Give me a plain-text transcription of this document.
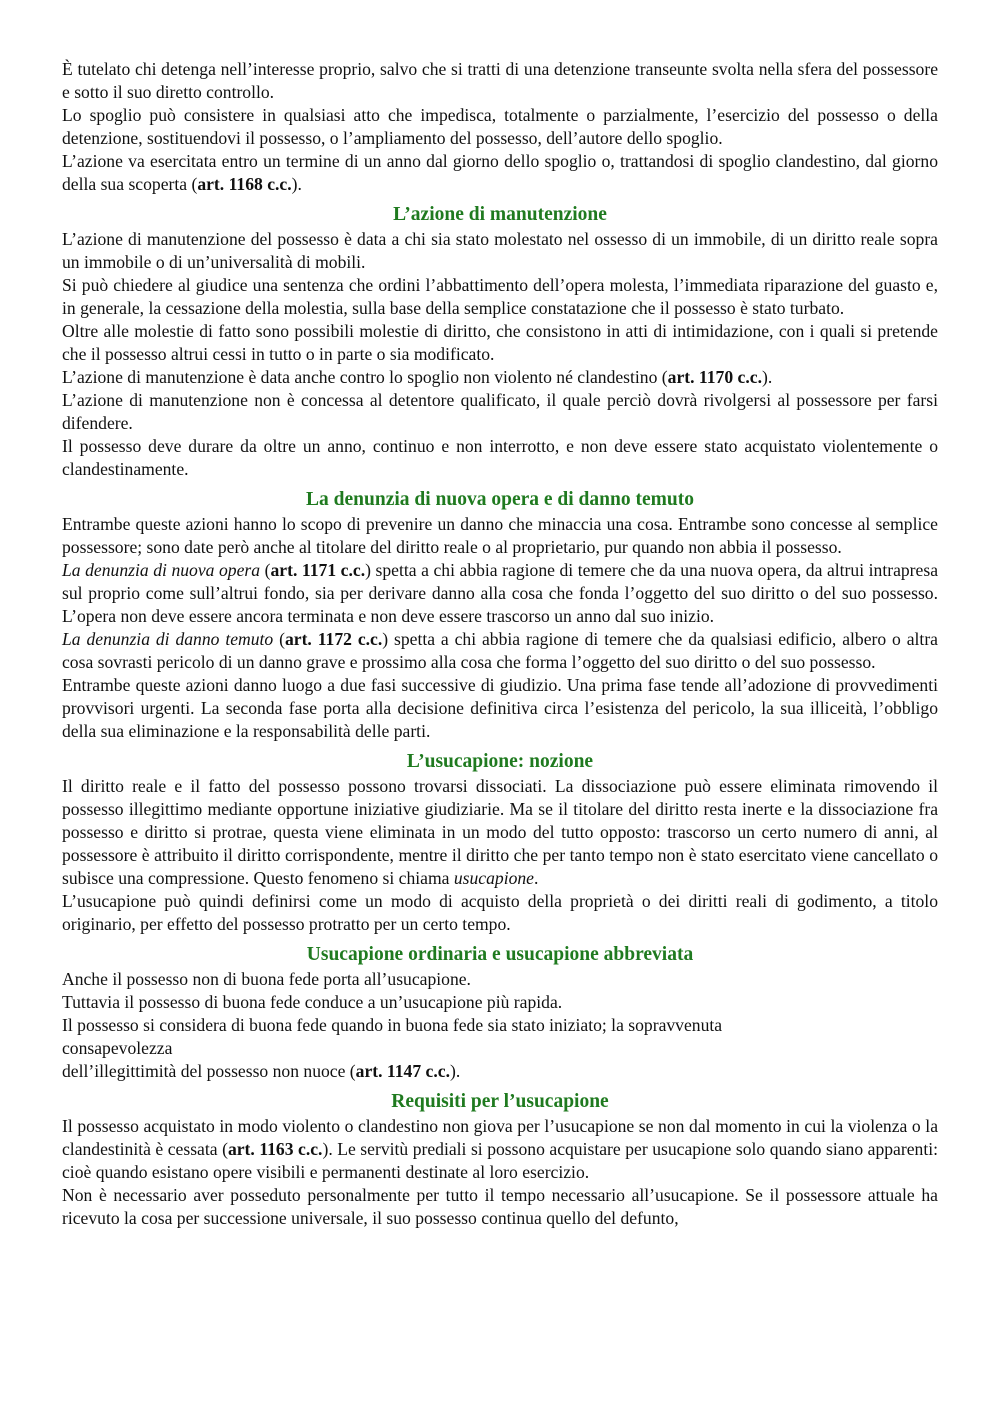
È tutelato chi detenga nell’interesse proprio, salvo che si tratti di una detenzione transeunte svolta nella sfera del possessore e sotto il suo diretto controllo.

Lo spoglio può consistere in qualsiasi atto che impedisca, totalmente o parzialmente, l’esercizio del possesso o della detenzione, sostituendovi il possesso, o l’ampliamento del possesso, dell’autore dello spoglio.

L’azione va esercitata entro un termine di un anno dal giorno dello spoglio o, trattandosi di spoglio clandestino, dal giorno della sua scoperta (art. 1168 c.c.).

L’azione di manutenzione

L’azione di manutenzione del possesso è data a chi sia stato molestato nel ossesso di un immobile, di un diritto reale sopra un immobile o di un’universalità di mobili.

Si può chiedere al giudice una sentenza che ordini l’abbattimento dell’opera molesta, l’immediata riparazione del guasto e, in generale, la cessazione della molestia, sulla base della semplice constatazione che il possesso è stato turbato.

Oltre alle molestie di fatto sono possibili molestie di diritto, che consistono in atti di intimidazione, con i quali si pretende che il possesso altrui cessi in tutto o in parte o sia modificato.

L’azione di manutenzione è data anche contro lo spoglio non violento né clandestino (art. 1170 c.c.).

L’azione di manutenzione non è concessa al detentore qualificato, il quale perciò dovrà rivolgersi al possessore per farsi difendere.

Il possesso deve durare da oltre un anno, continuo e non interrotto, e non deve essere stato acquistato violentemente o clandestinamente.

La denunzia di nuova opera e di danno temuto

Entrambe queste azioni hanno lo scopo di prevenire un danno che minaccia una cosa. Entrambe sono concesse al semplice possessore; sono date però anche al titolare del diritto reale o al proprietario, pur quando non abbia il possesso.

La denunzia di nuova opera (art. 1171 c.c.) spetta a chi abbia ragione di temere che da una nuova opera, da altrui intrapresa sul proprio come sull’altrui fondo, sia per derivare danno alla cosa che fonda l’oggetto del suo diritto o del suo possesso. L’opera non deve essere ancora terminata e non deve essere trascorso un anno dal suo inizio.

La denunzia di danno temuto (art. 1172 c.c.) spetta a chi abbia ragione di temere che da qualsiasi edificio, albero o altra cosa sovrasti pericolo di un danno grave e prossimo alla cosa che forma l’oggetto del suo diritto o del suo possesso.

Entrambe queste azioni danno luogo a due fasi successive di giudizio. Una prima fase tende all’adozione di provvedimenti provvisori urgenti. La seconda fase porta alla decisione definitiva circa l’esistenza del pericolo, la sua illiceità, l’obbligo della sua eliminazione e la responsabilità delle parti.

L’usucapione: nozione

Il diritto reale e il fatto del possesso possono trovarsi dissociati. La dissociazione può essere eliminata rimovendo il possesso illegittimo mediante opportune iniziative giudiziarie. Ma se il titolare del diritto resta inerte e la dissociazione fra possesso e diritto si protrae, questa viene eliminata in un modo del tutto opposto: trascorso un certo numero di anni, al possessore è attribuito il diritto corrispondente, mentre il diritto che per tanto tempo non è stato esercitato viene cancellato o subisce una compressione. Questo fenomeno si chiama usucapione.

L’usucapione può quindi definirsi come un modo di acquisto della proprietà o dei diritti reali di godimento, a titolo originario, per effetto del possesso protratto per un certo tempo.

Usucapione ordinaria e usucapione abbreviata

Anche il possesso non di buona fede porta all’usucapione.

Tuttavia il possesso di buona fede conduce a un’usucapione più rapida.

Il possesso si considera di buona fede quando in buona fede sia stato iniziato; la sopravvenuta

consapevolezza

dell’illegittimità del possesso non nuoce (art. 1147 c.c.).

Requisiti per l’usucapione

Il possesso acquistato in modo violento o clandestino non giova per l’usucapione se non dal momento in cui la violenza o la clandestinità è cessata (art. 1163 c.c.). Le servitù prediali si possono acquistare per usucapione solo quando siano apparenti: cioè quando esistano opere visibili e permanenti destinate al loro esercizio.

Non è necessario aver posseduto personalmente per tutto il tempo necessario all’usucapione. Se il possessore attuale ha ricevuto la cosa per successione universale, il suo possesso continua quello del defunto,
